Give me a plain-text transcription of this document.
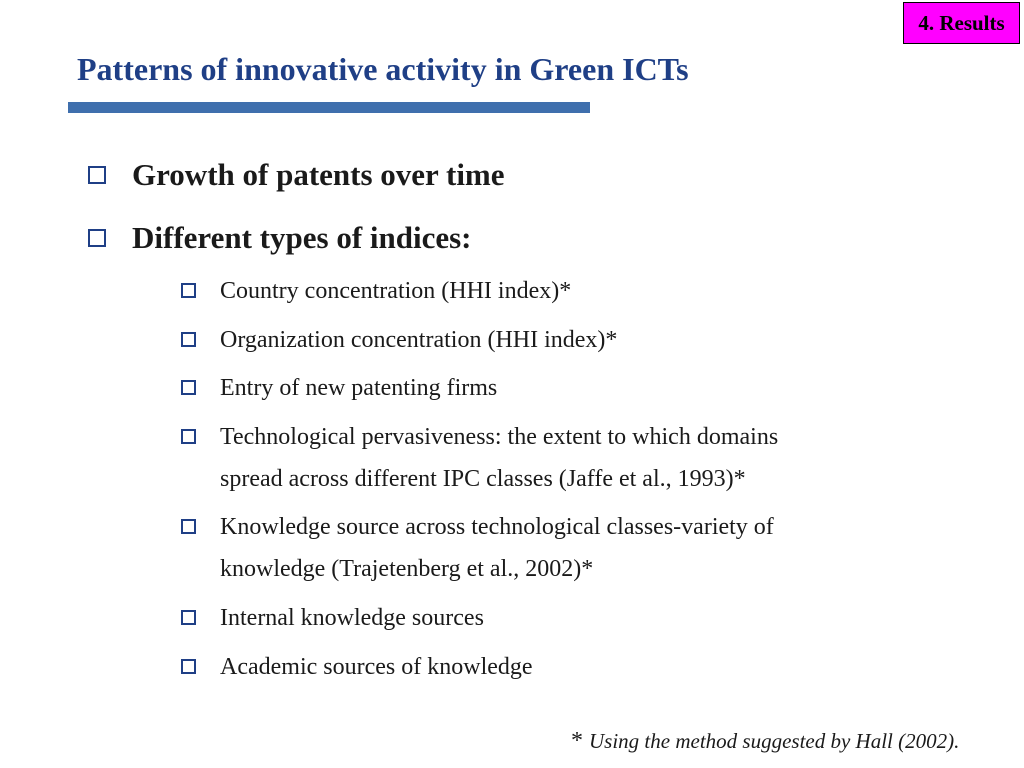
4. Results
Patterns of innovative activity in Green ICTs
Growth of patents over time
Different types of indices:
Country concentration (HHI index)*
Organization concentration (HHI index)*
Entry of new patenting firms
Technological pervasiveness: the extent to which domains
spread across different IPC classes (Jaffe et al., 1993)*
Knowledge source across technological classes-variety of
knowledge (Trajetenberg et al., 2002)*
Internal knowledge sources
Academic sources of knowledge
* Using the method suggested by Hall (2002).
